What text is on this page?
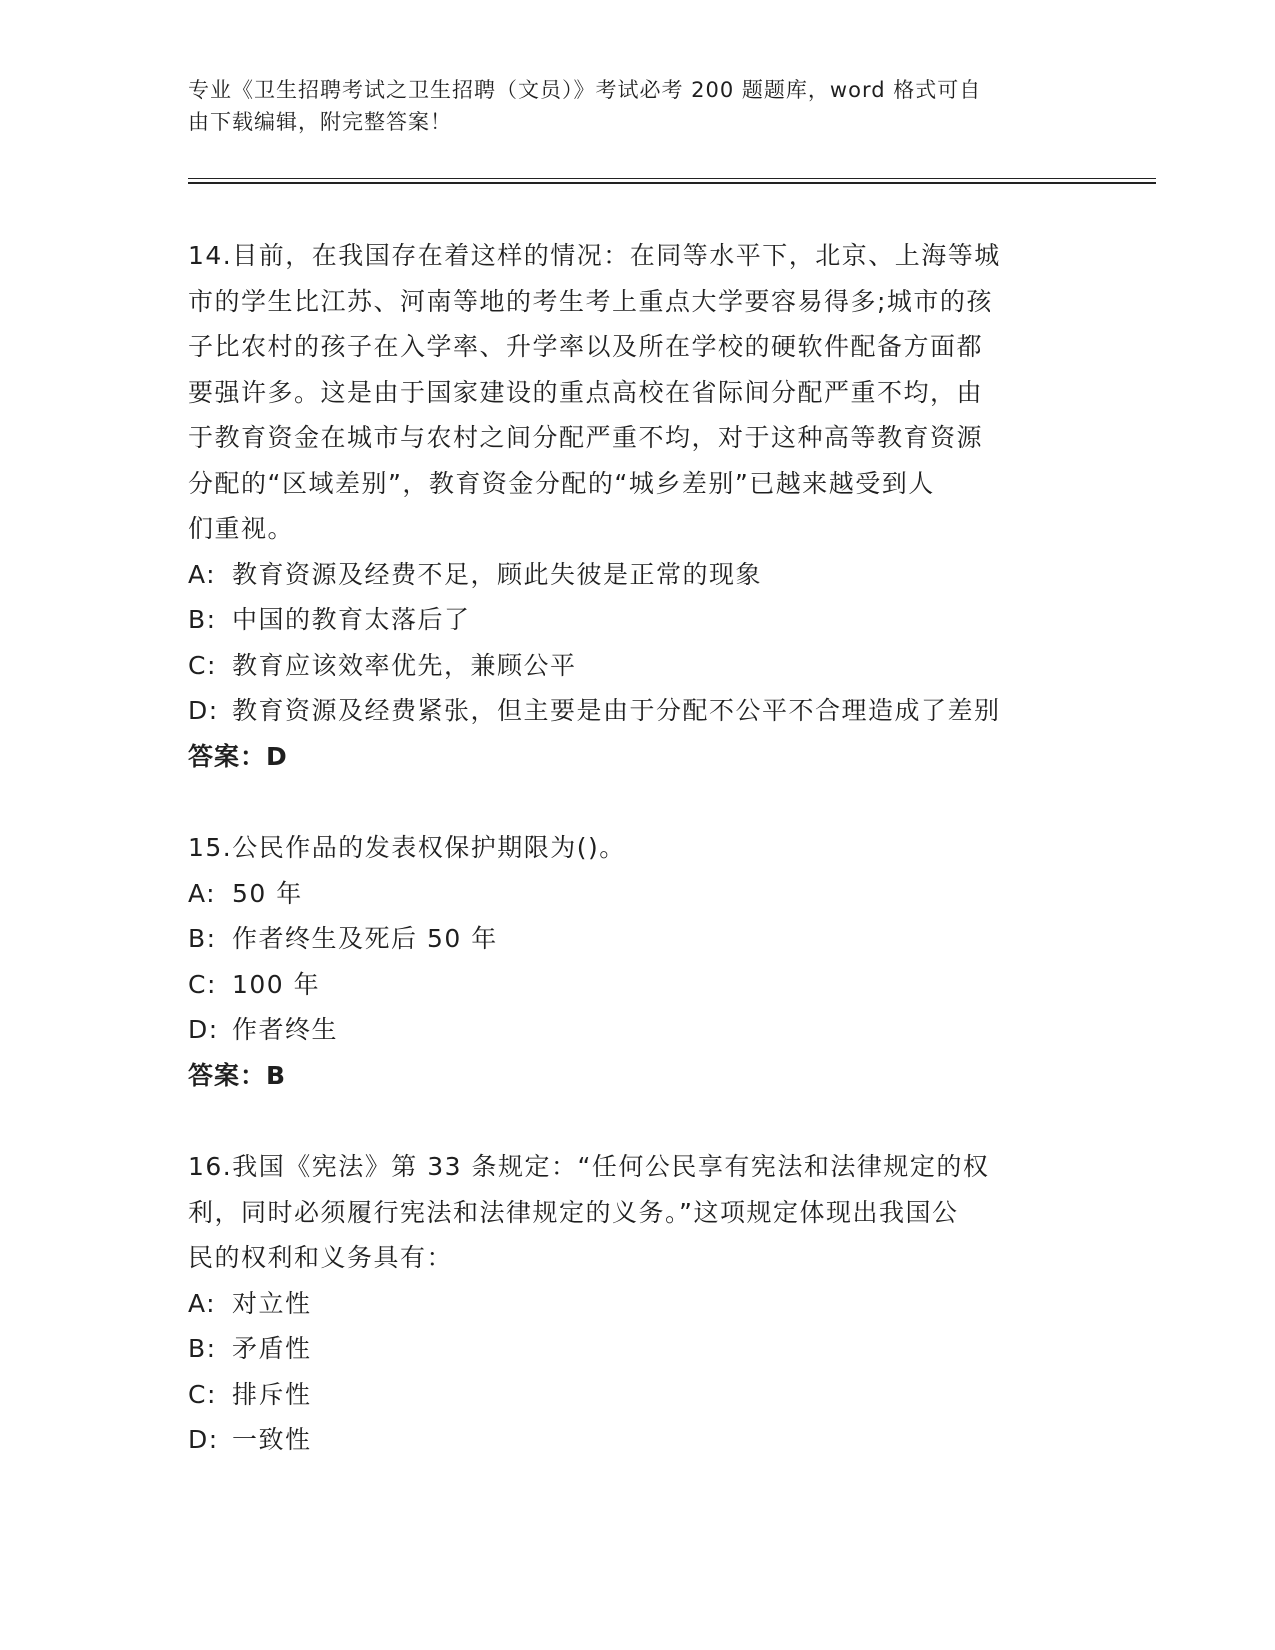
专业《卫生招聘考试之卫生招聘（文员）》考试必考 200 题题库，word 格式可自
由下载编辑，附完整答案！

14.目前，在我国存在着这样的情况：在同等水平下，北京、上海等城

市的学生比江苏、河南等地的考生考上重点大学要容易得多;城市的孩

子比农村的孩子在入学率、升学率以及所在学校的硬软件配备方面都

要强许多。这是由于国家建设的重点高校在省际间分配严重不均，由

于教育资金在城市与农村之间分配严重不均，对于这种高等教育资源

分配的“区域差别”，教育资金分配的“城乡差别”已越来越受到人

们重视。

A: 教育资源及经费不足，顾此失彼是正常的现象

B: 中国的教育太落后了

C: 教育应该效率优先，兼顾公平

D: 教育资源及经费紧张，但主要是由于分配不公平不合理造成了差别

答案：D

15.公民作品的发表权保护期限为()。

A: 50 年

B: 作者终生及死后 50 年

C: 100 年

D: 作者终生

答案：B

16.我国《宪法》第 33 条规定：“任何公民享有宪法和法律规定的权

利，同时必须履行宪法和法律规定的义务。”这项规定体现出我国公

民的权利和义务具有：

A: 对立性

B: 矛盾性

C: 排斥性

D: 一致性
